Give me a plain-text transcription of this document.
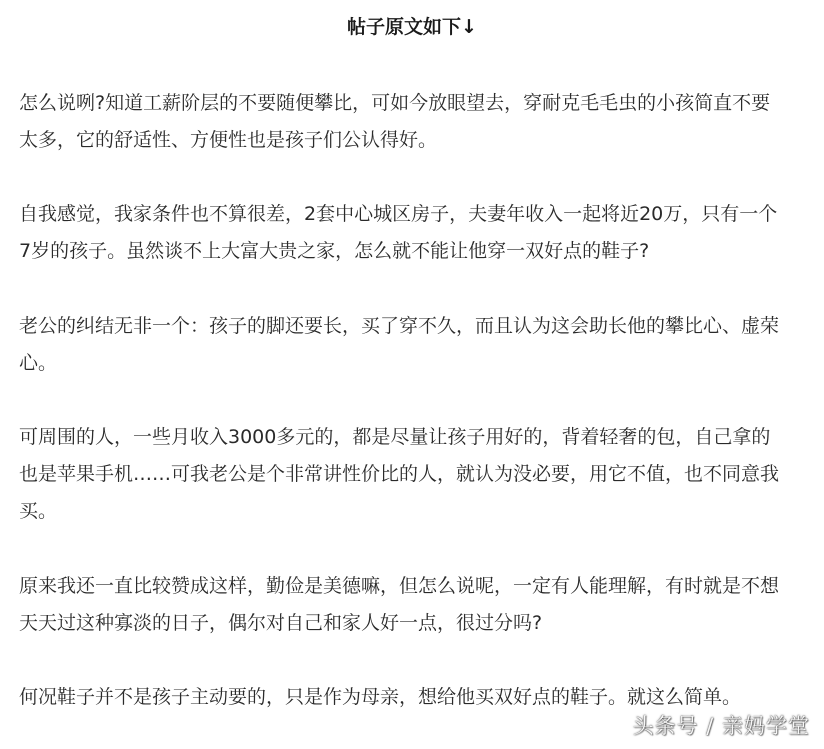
帖子原文如下↓

怎么说咧?知道工薪阶层的不要随便攀比，可如今放眼望去，穿耐克毛毛虫的小孩简直不要
太多，它的舒适性、方便性也是孩子们公认得好。

自我感觉，我家条件也不算很差，2套中心城区房子，夫妻年收入一起将近20万，只有一个
7岁的孩子。虽然谈不上大富大贵之家，怎么就不能让他穿一双好点的鞋子?

老公的纠结无非一个：孩子的脚还要长，买了穿不久，而且认为这会助长他的攀比心、虚荣
心。

可周围的人，一些月收入3000多元的，都是尽量让孩子用好的，背着轻奢的包，自己拿的
也是苹果手机……可我老公是个非常讲性价比的人，就认为没必要，用它不值，也不同意我
买。

原来我还一直比较赞成这样，勤俭是美德嘛，但怎么说呢，一定有人能理解，有时就是不想
天天过这种寡淡的日子，偶尔对自己和家人好一点，很过分吗?

何况鞋子并不是孩子主动要的，只是作为母亲，想给他买双好点的鞋子。就这么简单。

头条号 / 亲妈学堂
